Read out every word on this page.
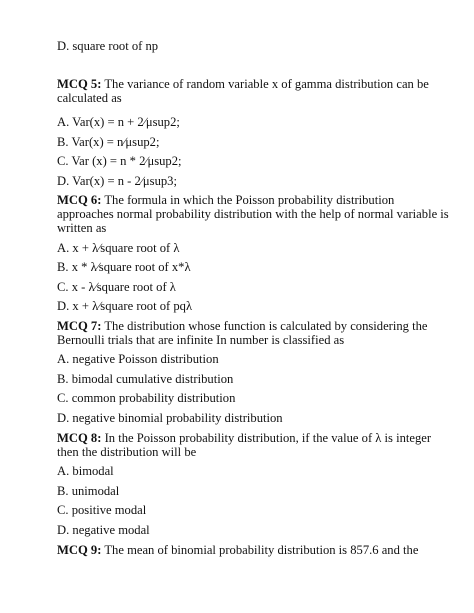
D. square root of np
MCQ 5: The variance of random variable x of gamma distribution can be
calculated as
A. Var(x) = n + 2∕μsup2;
B. Var(x) = n∕μsup2;
C. Var (x) = n * 2∕μsup2;
D. Var(x) = n - 2∕μsup3;
MCQ 6: The formula in which the Poisson probability distribution
approaches normal probability distribution with the help of normal variable is
written as
A. x + λ∕square root of λ
B. x * λ∕square root of x*λ
C. x - λ∕square root of λ
D. x + λ∕square root of pqλ
MCQ 7: The distribution whose function is calculated by considering the
Bernoulli trials that are infinite In number is classified as
A. negative Poisson distribution
B. bimodal cumulative distribution
C. common probability distribution
D. negative binomial probability distribution
MCQ 8: In the Poisson probability distribution, if the value of λ is integer
then the distribution will be
A. bimodal
B. unimodal
C. positive modal
D. negative modal
MCQ 9: The mean of binomial probability distribution is 857.6 and the
